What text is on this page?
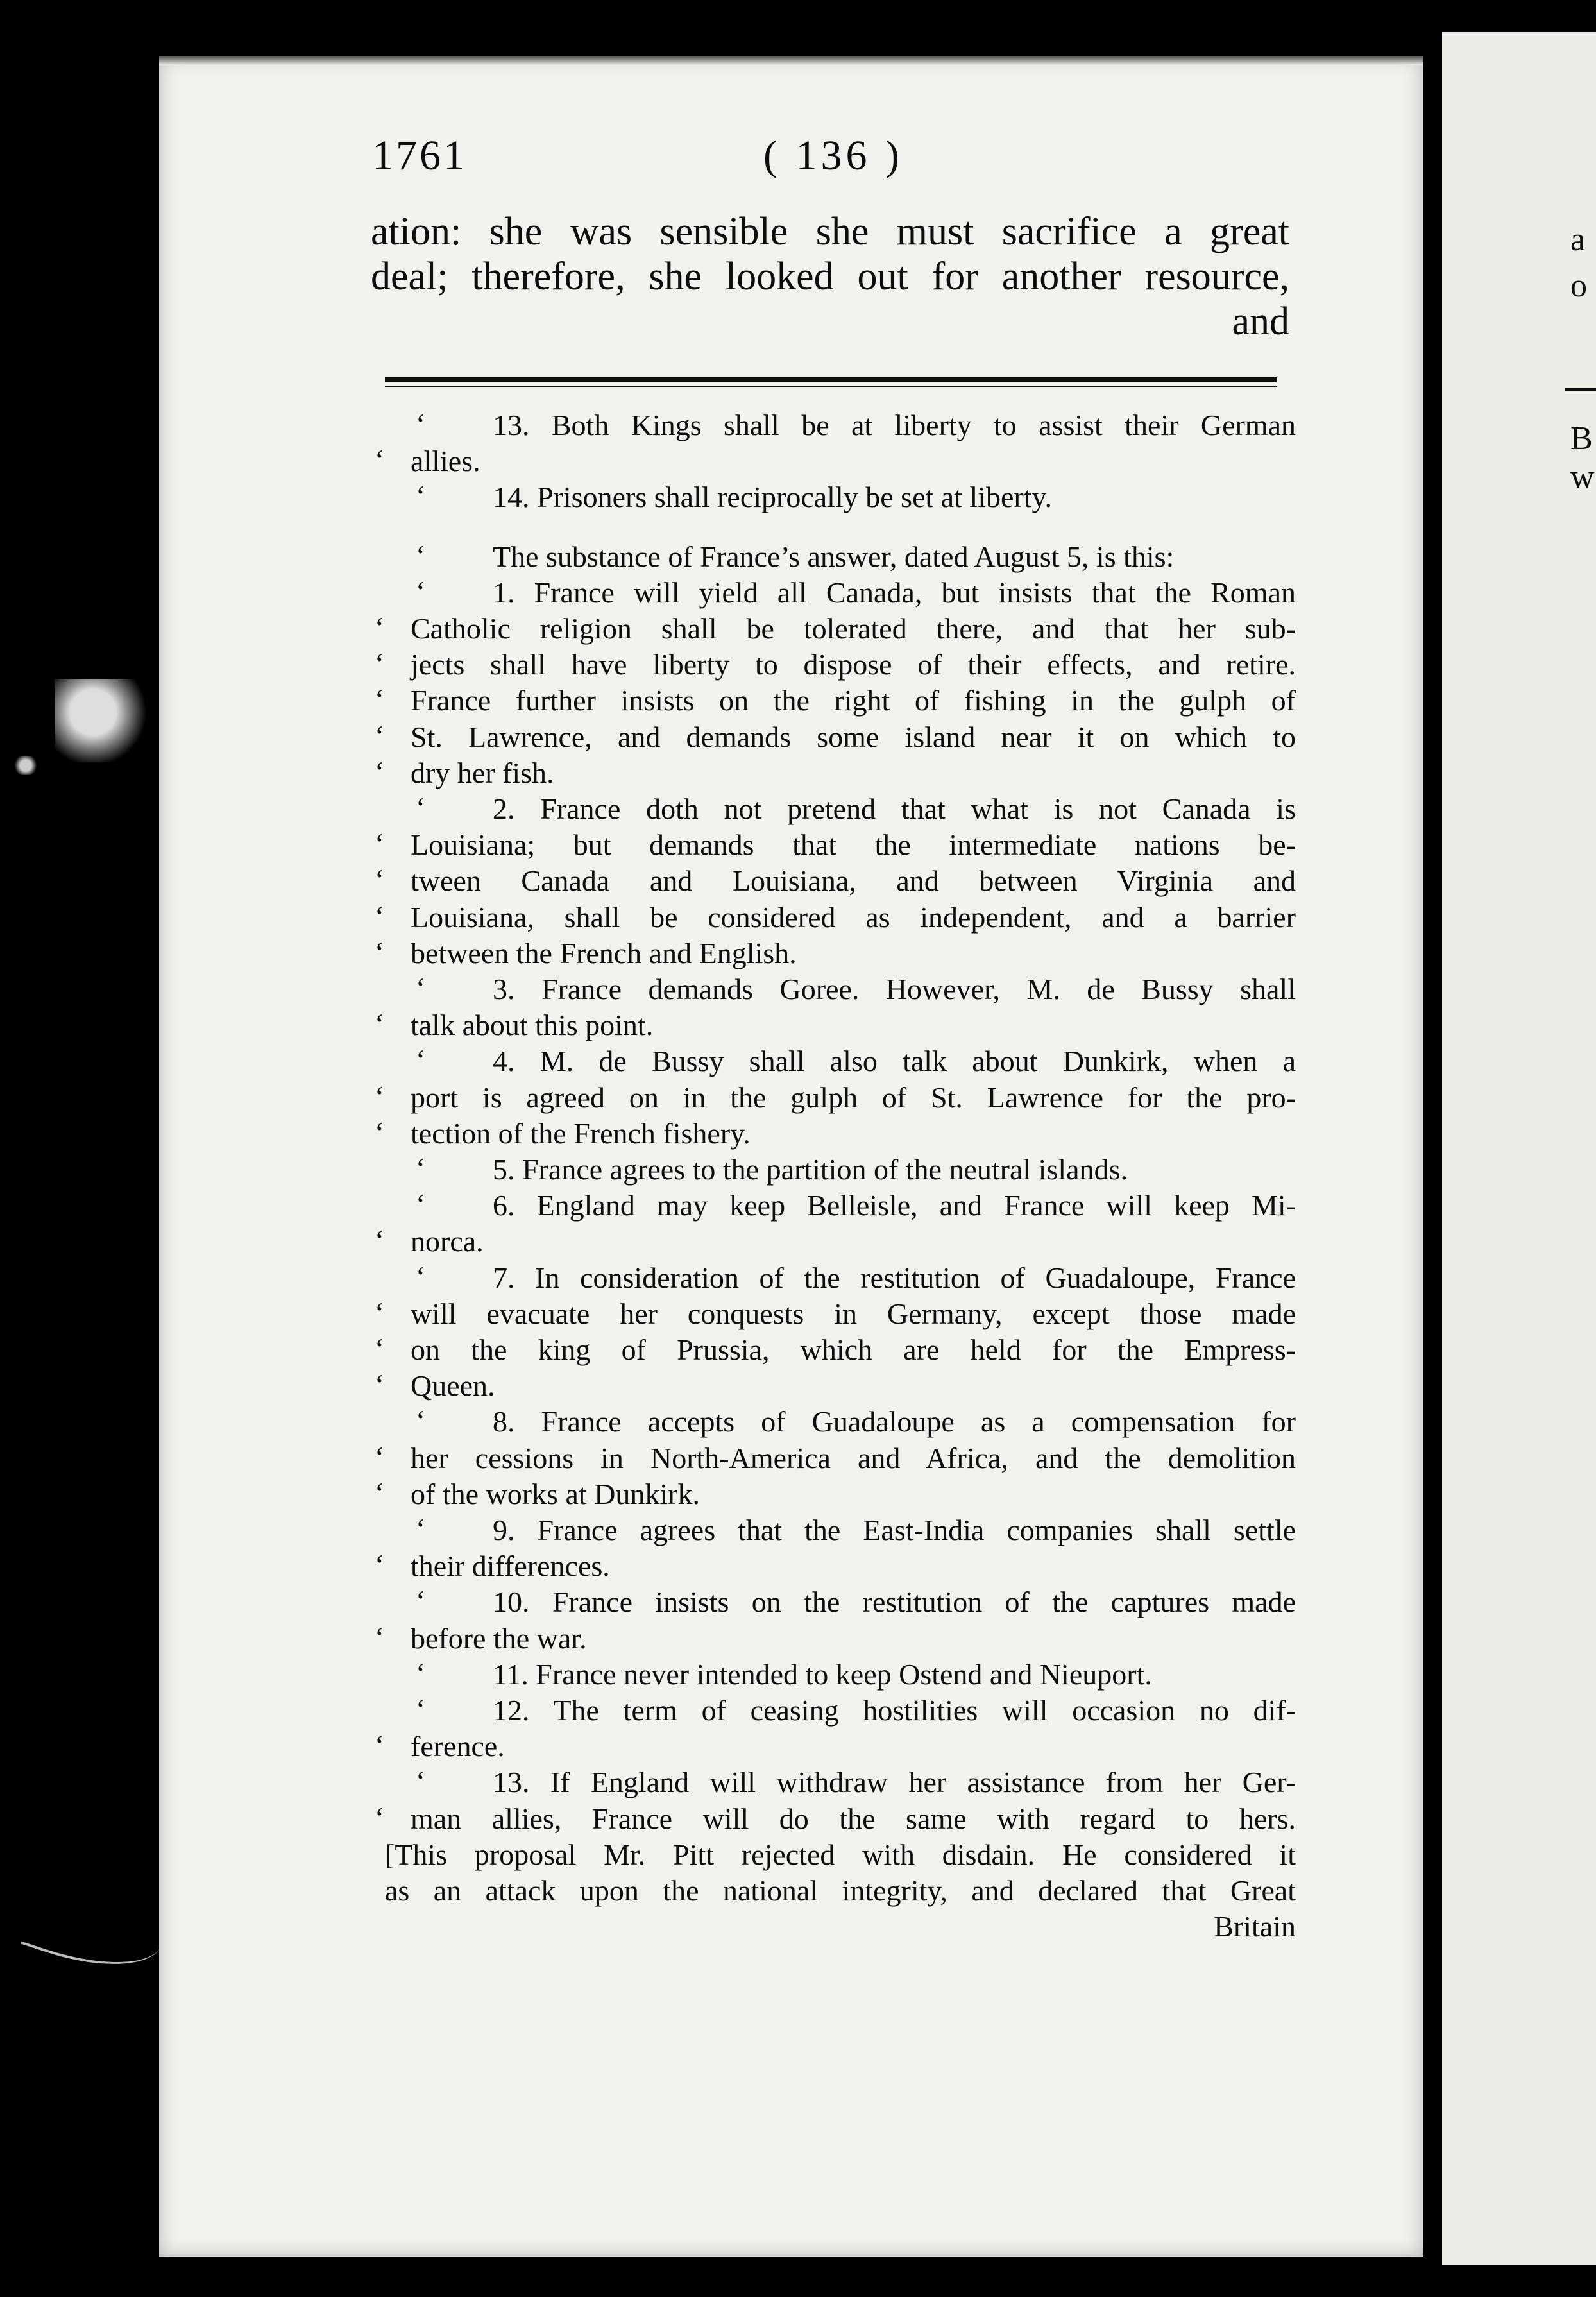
1761	( 136 )
ation: she was sensible she must sacrifice a great
deal; therefore, she looked out for another resource,
and
‘ 13. Both Kings shall be at liberty to assist their German
‘ allies.
‘ 14. Prisoners shall reciprocally be set at liberty.
‘ The substance of France’s answer, dated August 5, is this:
‘ 1. France will yield all Canada, but insists that the Roman
‘ Catholic religion shall be tolerated there, and that her sub-
‘ jects shall have liberty to dispose of their effects, and retire.
‘ France further insists on the right of fishing in the gulph of
‘ St. Lawrence, and demands some island near it on which to
‘ dry her fish.
‘ 2. France doth not pretend that what is not Canada is
‘ Louisiana; but demands that the intermediate nations be-
‘ tween Canada and Louisiana, and between Virginia and
‘ Louisiana, shall be considered as independent, and a barrier
‘ between the French and English.
‘ 3. France demands Goree. However, M. de Bussy shall
‘ talk about this point.
‘ 4. M. de Bussy shall also talk about Dunkirk, when a
‘ port is agreed on in the gulph of St. Lawrence for the pro-
‘ tection of the French fishery.
‘ 5. France agrees to the partition of the neutral islands.
‘ 6. England may keep Belleisle, and France will keep Mi-
‘ norca.
‘ 7. In consideration of the restitution of Guadaloupe, France
‘ will evacuate her conquests in Germany, except those made
‘ on the king of Prussia, which are held for the Empress-
‘ Queen.
‘ 8. France accepts of Guadaloupe as a compensation for
‘ her cessions in North-America and Africa, and the demolition
‘ of the works at Dunkirk.
‘ 9. France agrees that the East-India companies shall settle
‘ their differences.
‘ 10. France insists on the restitution of the captures made
‘ before the war.
‘ 11. France never intended to keep Ostend and Nieuport.
‘ 12. The term of ceasing hostilities will occasion no dif-
‘ ference.
‘ 13. If England will withdraw her assistance from her Ger-
‘ man allies, France will do the same with regard to hers.
[This proposal Mr. Pitt rejected with disdain. He considered it
as an attack upon the national integrity, and declared that Great
Britain
a
o
B
w
